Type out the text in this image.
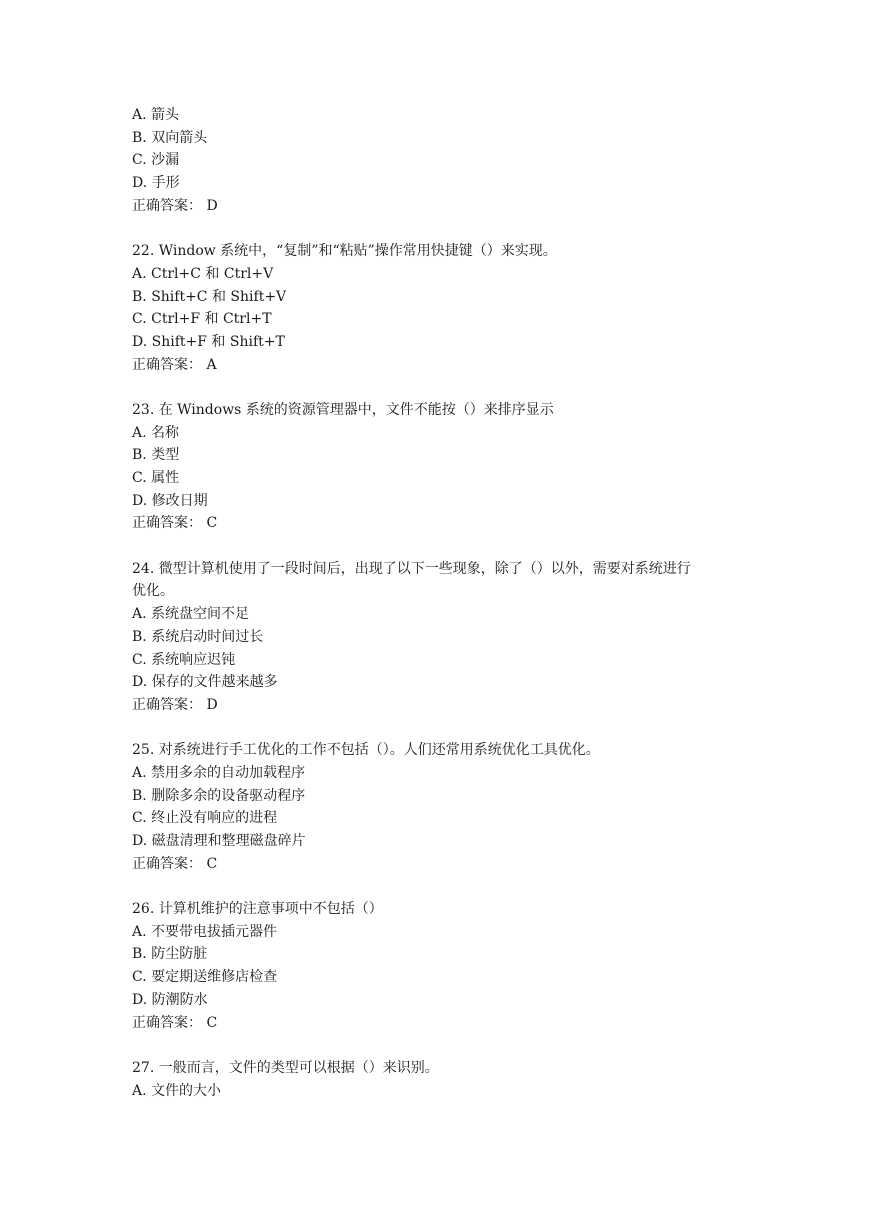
A. 箭头
B. 双向箭头
C. 沙漏
D. 手形
正确答案： D
22. Window 系统中，“复制”和“粘贴”操作常用快捷键（）来实现。
A. Ctrl+C 和 Ctrl+V
B. Shift+C 和 Shift+V
C. Ctrl+F 和 Ctrl+T
D. Shift+F 和 Shift+T
正确答案： A
23. 在 Windows 系统的资源管理器中，文件不能按（）来排序显示
A. 名称
B. 类型
C. 属性
D. 修改日期
正确答案： C
24. 微型计算机使用了一段时间后，出现了以下一些现象，除了（）以外，需要对系统进行
优化。
A. 系统盘空间不足
B. 系统启动时间过长
C. 系统响应迟钝
D. 保存的文件越来越多
正确答案： D
25. 对系统进行手工优化的工作不包括（）。人们还常用系统优化工具优化。
A. 禁用多余的自动加载程序
B. 删除多余的设备驱动程序
C. 终止没有响应的进程
D. 磁盘清理和整理磁盘碎片
正确答案： C
26. 计算机维护的注意事项中不包括（）
A. 不要带电拔插元器件
B. 防尘防脏
C. 要定期送维修店检查
D. 防潮防水
正确答案： C
27. 一般而言，文件的类型可以根据（）来识别。
A. 文件的大小
